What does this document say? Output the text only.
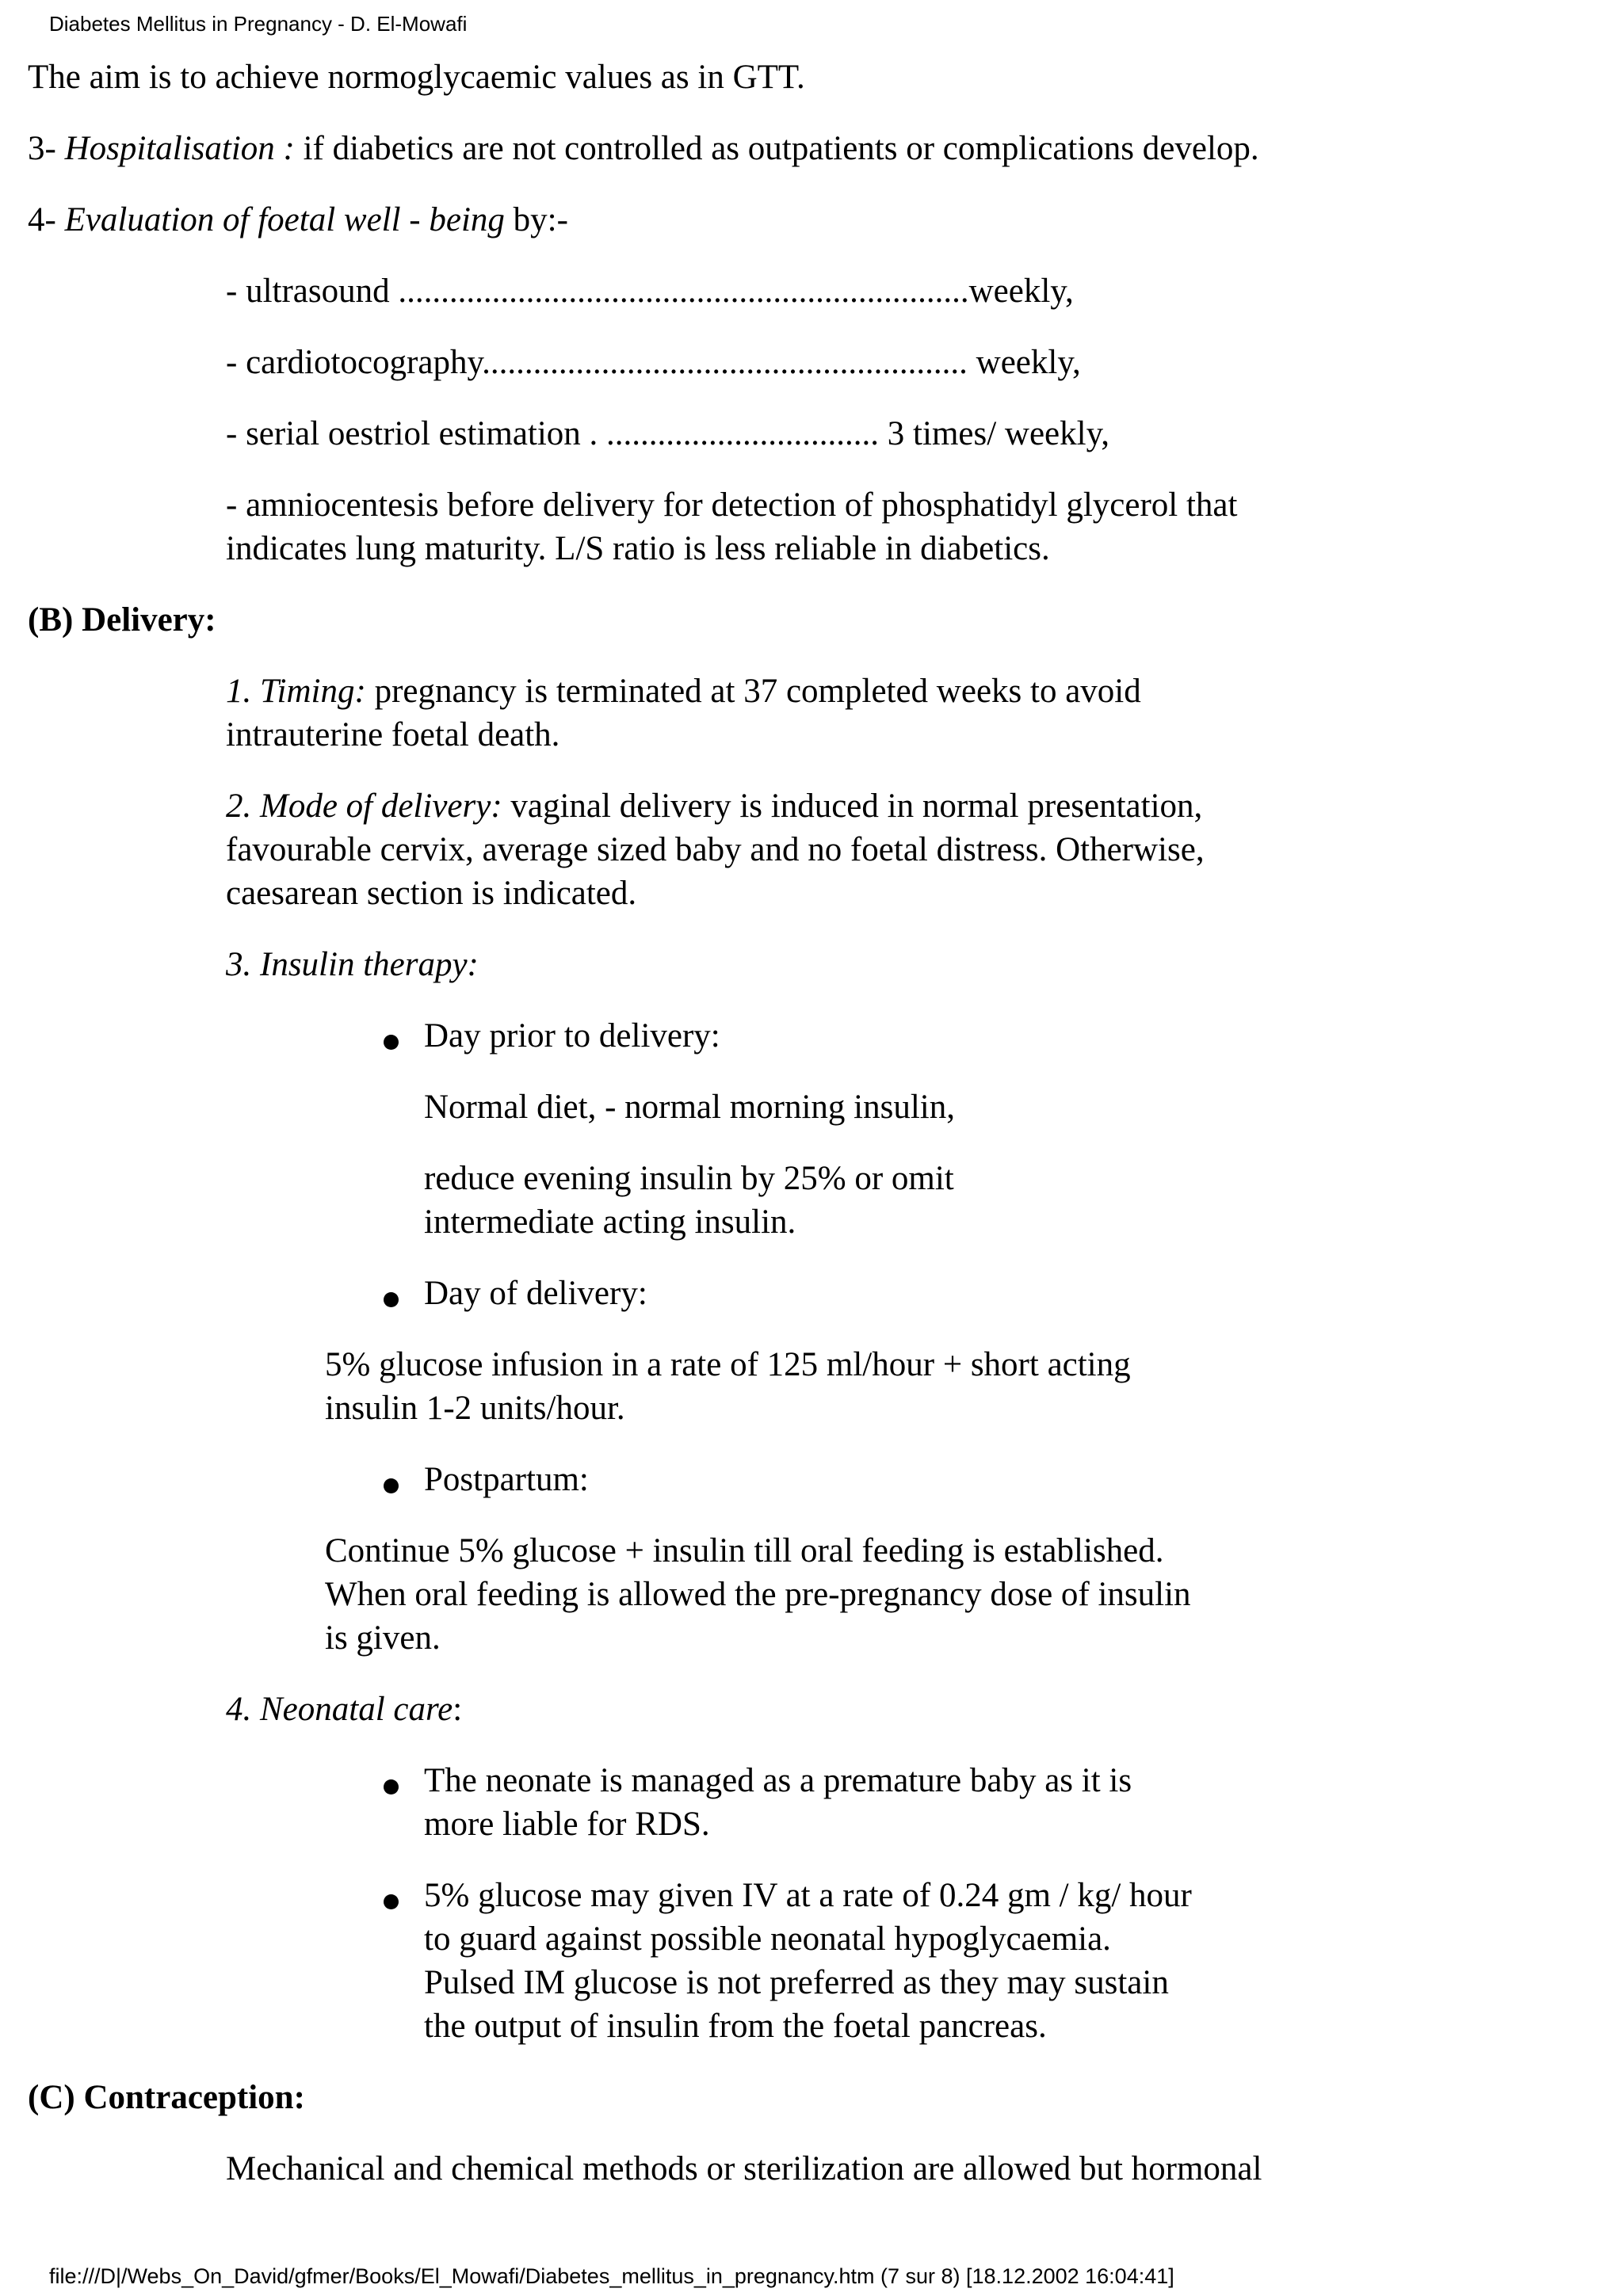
Diabetes Mellitus in Pregnancy - D. El-Mowafi
The aim is to achieve normoglycaemic values as in GTT.
3- Hospitalisation : if diabetics are not controlled as outpatients or complications develop.
4- Evaluation of foetal well - being by:-
- ultrasound ...................................................................weekly,
- cardiotocography......................................................... weekly,
- serial oestriol estimation . ................................ 3 times/ weekly,
- amniocentesis before delivery for detection of phosphatidyl glycerol that
indicates lung maturity. L/S ratio is less reliable in diabetics.
(B) Delivery:
1. Timing: pregnancy is terminated at 37 completed weeks to avoid
intrauterine foetal death.
2. Mode of delivery: vaginal delivery is induced in normal presentation,
favourable cervix, average sized baby and no foetal distress. Otherwise,
caesarean section is indicated.
3. Insulin therapy:
Day prior to delivery:
Normal diet, - normal morning insulin,
reduce evening insulin by 25% or omit
intermediate acting insulin.
Day of delivery:
5% glucose infusion in a rate of 125 ml/hour + short acting
insulin 1-2 units/hour.
Postpartum:
Continue 5% glucose + insulin till oral feeding is established.
When oral feeding is allowed the pre-pregnancy dose of insulin
is given.
4. Neonatal care:
The neonate is managed as a premature baby as it is
more liable for RDS.
5% glucose may given IV at a rate of 0.24 gm / kg/ hour
to guard against possible neonatal hypoglycaemia.
Pulsed IM glucose is not preferred as they may sustain
the output of insulin from the foetal pancreas.
(C) Contraception:
Mechanical and chemical methods or sterilization are allowed but hormonal
file:///D|/Webs_On_David/gfmer/Books/El_Mowafi/Diabetes_mellitus_in_pregnancy.htm (7 sur 8) [18.12.2002 16:04:41]
